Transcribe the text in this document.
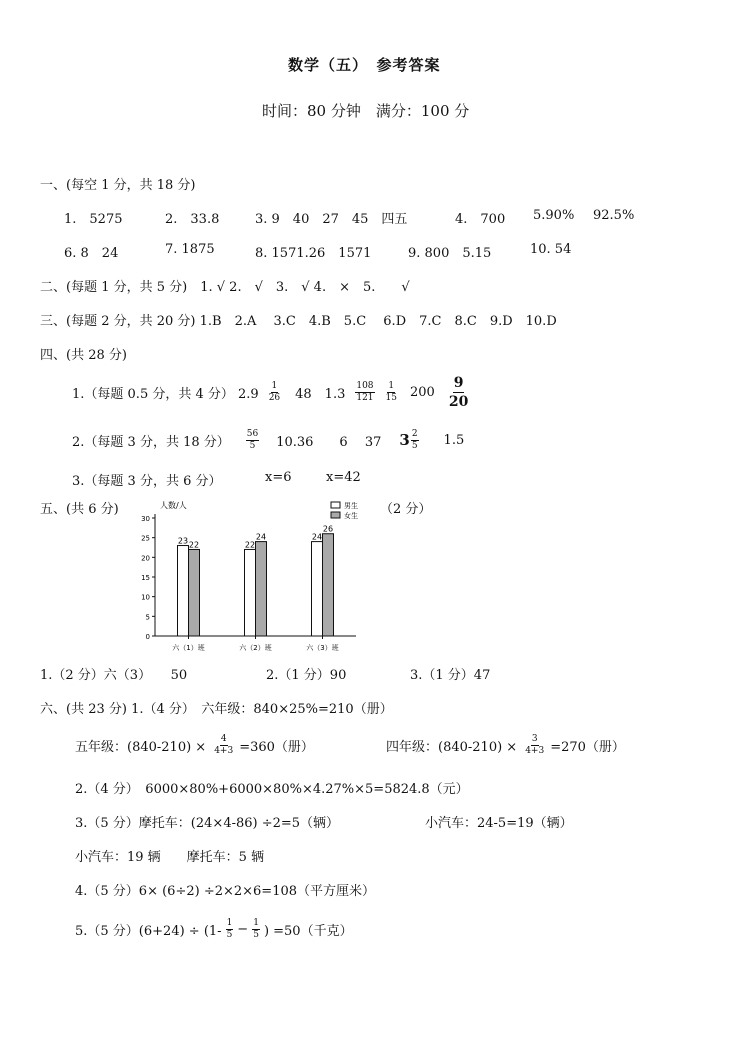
数学（五）　参考答案
时间：80 分钟　满分：100 分
一、(每空 1 分，共 18 分)
1.　5275	2.　33.8	3. 9　40　27　45　四五	4.　700 5.90% 92.5%
6. 8　24	7. 1875	8. 1571.26　1571	9. 800　5.15	10. 54
二、(每题 1 分，共 5 分)　1. √ 2.　√　3.　√ 4.　×　5.　　√
三、(每题 2 分，共 20 分) 1.B　2.A　 3.C　4.B　5.C　 6.D　7.C　8.C　9.D　10.D
四、(共 28 分)
1.（每题 0.5 分，共 4 分） $2.9 \frac{1}{26} 48$　$1.3 \frac{108}{121} \frac{1}{15} 200 \frac{9}{20}$
2.（每题 3 分，共 18 分） $\frac{56}{5} 10.36$　　6　 37 $3 \frac{2}{5} 1.5$
3.（每题 3 分，共 6 分）	x=6	x=42
五、(共 6 分)	（2 分）
人数/人
0
5
10
15
20
25
30
23 22	22
24	24
26
六（1）班	六（2）班	六（3）班
男生
女生
1.（2 分）六（3）　　50	2.（1 分）90	3.（1 分）47
六、(共 23 分) 1.（4 分）　六年级：840×25%=210（册）
五年级：$(840-210) \times \frac{4}{4+3} =360$（册）	四年级：$(840-210) \times \frac{3}{4+3} =270$（册）
2.（4 分）　6000×80%+6000×80%×4.27%×5=5824.8（元）
3.（5 分）摩托车：(24×4-86) ÷2=5（辆）	小汽车：24-5=19（辆）
小汽车：19 辆　　摩托车：5 辆
4.（5 分）6× (6÷2) ÷2×2×6=108（平方厘米）
5.（5 分）$(6+24) \div (1- \frac{1}{5} - \frac{1}{5}$ ) =50（千克）
